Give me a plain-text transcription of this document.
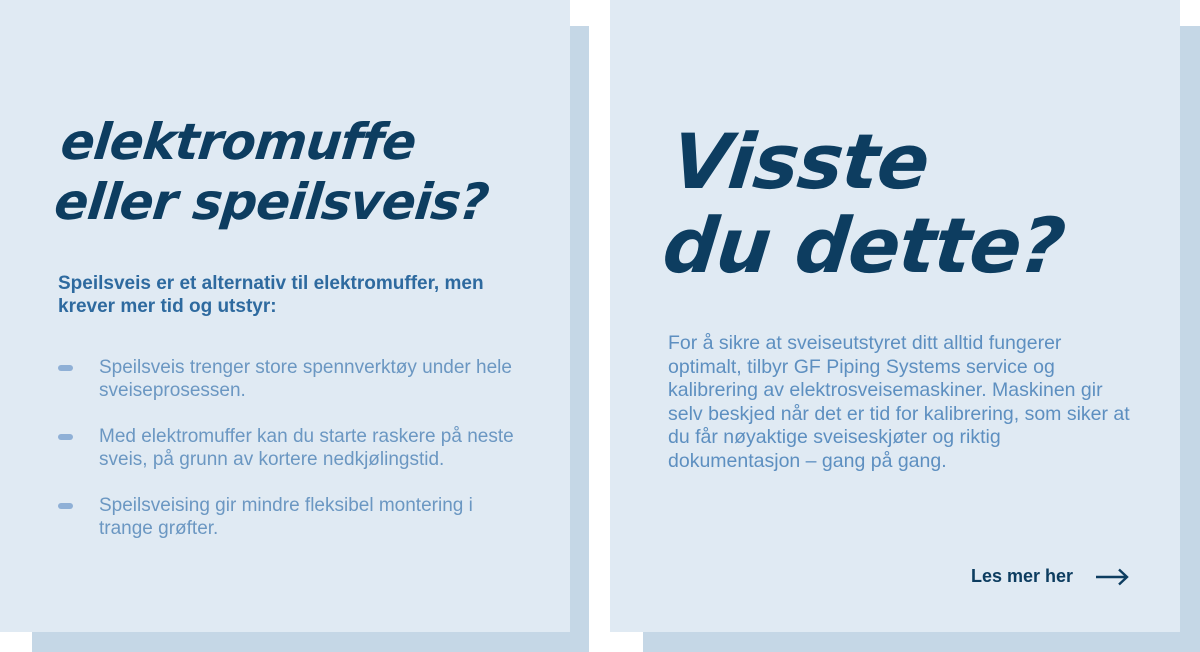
elektromuffe
eller speilsveis?

Speilsveis er et alternativ til elektromuffer, men krever mer tid og utstyr:

Speilsveis trenger store spennverktøy under hele sveiseprosessen.
Med elektromuffer kan du starte raskere på neste sveis, på grunn av kortere nedkjølingstid.
Speilsveising gir mindre fleksibel montering i trange grøfter.
Visste
du dette?

For å sikre at sveiseutstyret ditt alltid fungerer optimalt, tilbyr GF Piping Systems service og kalibrering av elektrosveisemaskiner. Maskinen gir selv beskjed når det er tid for kalibrering, som siker at du får nøyaktige sveiseskjøter og riktig dokumentasjon – gang på gang.

Les mer her
